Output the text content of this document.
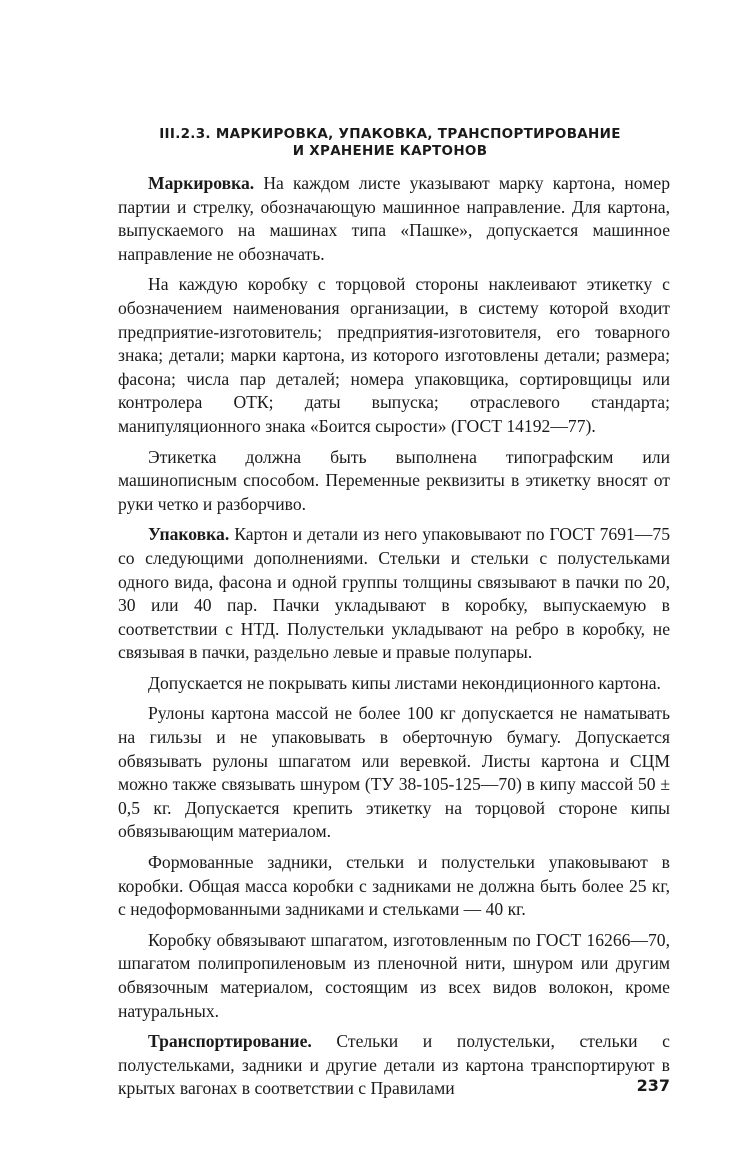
III.2.3. МАРКИРОВКА, УПАКОВКА, ТРАНСПОРТИРОВАНИЕ
И ХРАНЕНИЕ КАРТОНОВ

Маркировка. На каждом листе указывают марку картона, номер партии и стрелку, обозначающую машинное направление. Для картона, выпускаемого на машинах типа «Пашке», допускается машинное направление не обозначать.

На каждую коробку с торцовой стороны наклеивают этикетку с обозначением наименования организации, в систему которой входит предприятие-изготовитель; предприятия-изготовителя, его товарного знака; детали; марки картона, из которого изготовлены детали; размера; фасона; числа пар деталей; номера упаковщика, сортировщицы или контролера ОТК; даты выпуска; отраслевого стандарта; манипуляционного знака «Боится сырости» (ГОСТ 14192—77).

Этикетка должна быть выполнена типографским или машинописным способом. Переменные реквизиты в этикетку вносят от руки четко и разборчиво.

Упаковка. Картон и детали из него упаковывают по ГОСТ 7691—75 со следующими дополнениями. Стельки и стельки с полустельками одного вида, фасона и одной группы толщины связывают в пачки по 20, 30 или 40 пар. Пачки укладывают в коробку, выпускаемую в соответствии с НТД. Полустельки укладывают на ребро в коробку, не связывая в пачки, раздельно левые и правые полупары.

Допускается не покрывать кипы листами некондиционного картона.

Рулоны картона массой не более 100 кг допускается не наматывать на гильзы и не упаковывать в оберточную бумагу. Допускается обвязывать рулоны шпагатом или веревкой. Листы картона и СЦМ можно также связывать шнуром (ТУ 38-105-125—70) в кипу массой 50 ± 0,5 кг. Допускается крепить этикетку на торцовой стороне кипы обвязывающим материалом.

Формованные задники, стельки и полустельки упаковывают в коробки. Общая масса коробки с задниками не должна быть более 25 кг, с недоформованными задниками и стельками — 40 кг.

Коробку обвязывают шпагатом, изготовленным по ГОСТ 16266—70, шпагатом полипропиленовым из пленочной нити, шнуром или другим обвязочным материалом, состоящим из всех видов волокон, кроме натуральных.

Транспортирование. Стельки и полустельки, стельки с полустельками, задники и другие детали из картона транспортируют в крытых вагонах в соответствии с Правилами	237
